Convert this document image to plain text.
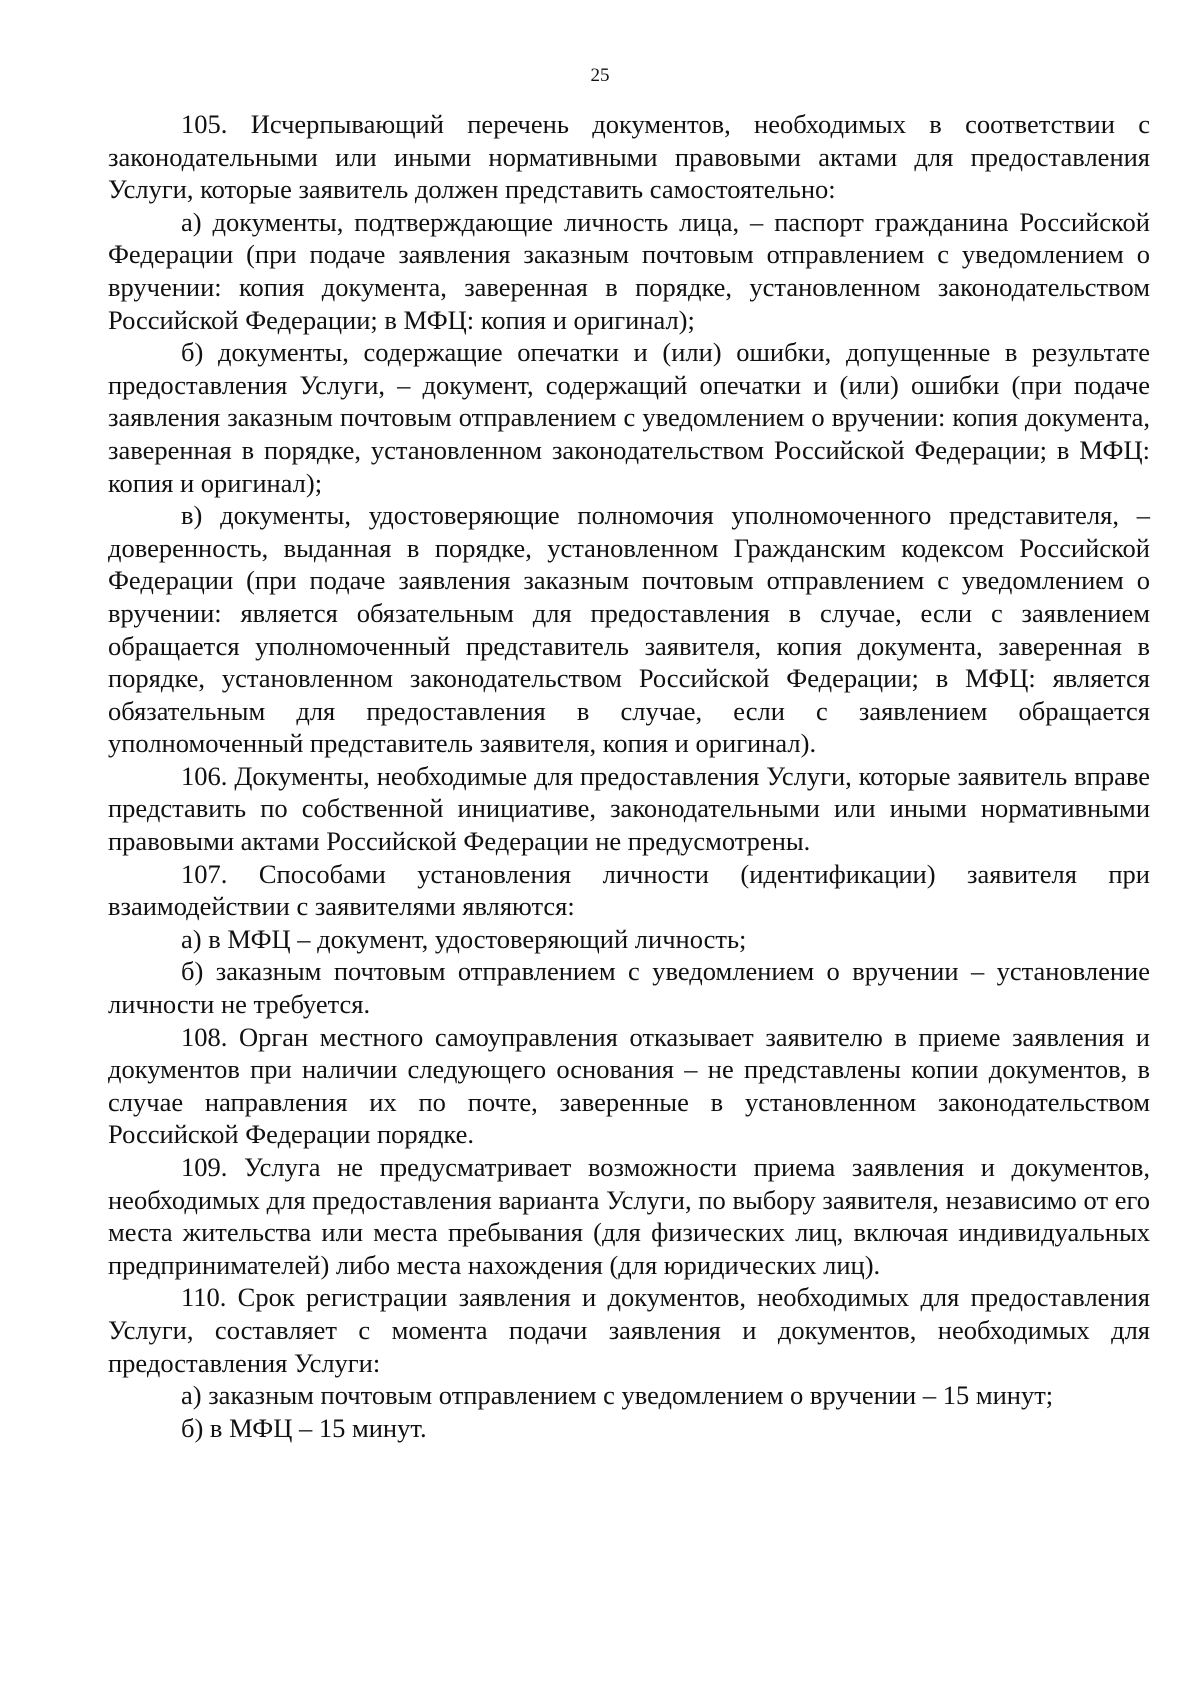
25

105. Исчерпывающий перечень документов, необходимых в соответствии с законодательными или иными нормативными правовыми актами для предоставления Услуги, которые заявитель должен представить самостоятельно:

а) документы, подтверждающие личность лица, – паспорт гражданина Российской Федерации (при подаче заявления заказным почтовым отправлением с уведомлением о вручении: копия документа, заверенная в порядке, установленном законодательством Российской Федерации; в МФЦ: копия и оригинал);

б) документы, содержащие опечатки и (или) ошибки, допущенные в результате предоставления Услуги, – документ, содержащий опечатки и (или) ошибки (при подаче заявления заказным почтовым отправлением с уведомлением о вручении: копия документа, заверенная в порядке, установленном законодательством Российской Федерации; в МФЦ: копия и оригинал);

в) документы, удостоверяющие полномочия уполномоченного представителя, – доверенность, выданная в порядке, установленном Гражданским кодексом Российской Федерации (при подаче заявления заказным почтовым отправлением с уведомлением о вручении: является обязательным для предоставления в случае, если с заявлением обращается уполномоченный представитель заявителя, копия документа, заверенная в порядке, установленном законодательством Российской Федерации; в МФЦ: является обязательным для предоставления в случае, если с заявлением обращается уполномоченный представитель заявителя, копия и оригинал).

106. Документы, необходимые для предоставления Услуги, которые заявитель вправе представить по собственной инициативе, законодательными или иными нормативными правовыми актами Российской Федерации не предусмотрены.

107. Способами установления личности (идентификации) заявителя при взаимодействии с заявителями являются:

а) в МФЦ – документ, удостоверяющий личность;

б) заказным почтовым отправлением с уведомлением о вручении – установление личности не требуется.

108. Орган местного самоуправления отказывает заявителю в приеме заявления и документов при наличии следующего основания – не представлены копии документов, в случае направления их по почте, заверенные в установленном законодательством Российской Федерации порядке.

109. Услуга не предусматривает возможности приема заявления и документов, необходимых для предоставления варианта Услуги, по выбору заявителя, независимо от его места жительства или места пребывания (для физических лиц, включая индивидуальных предпринимателей) либо места нахождения (для юридических лиц).

110. Срок регистрации заявления и документов, необходимых для предоставления Услуги, составляет с момента подачи заявления и документов, необходимых для предоставления Услуги:

а) заказным почтовым отправлением с уведомлением о вручении – 15 минут;

б) в МФЦ – 15 минут.
